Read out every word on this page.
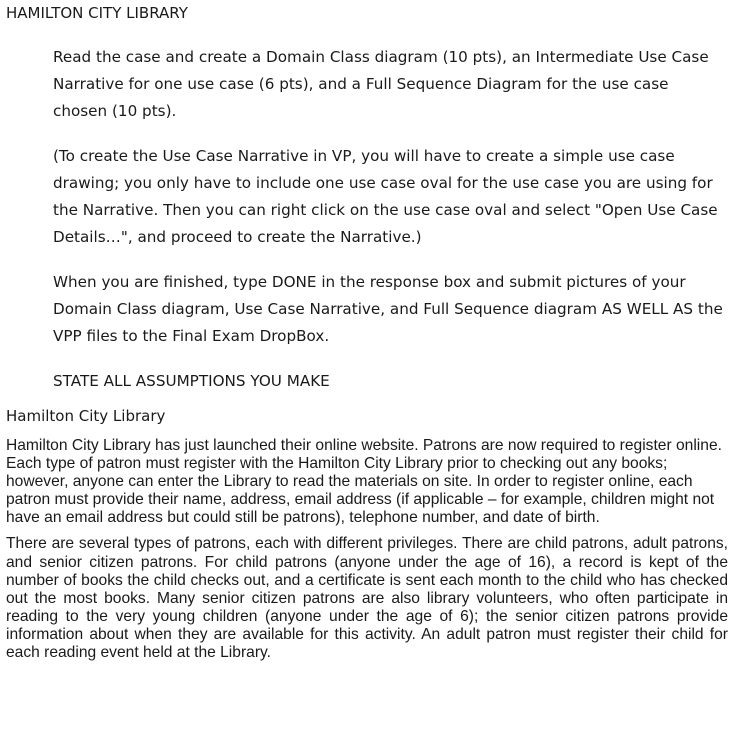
HAMILTON CITY LIBRARY

Read the case and create a Domain Class diagram (10 pts), an Intermediate Use Case Narrative for one use case (6 pts), and a Full Sequence Diagram for the use case chosen (10 pts).

(To create the Use Case Narrative in VP, you will have to create a simple use case drawing; you only have to include one use case oval for the use case you are using for the Narrative. Then you can right click on the use case oval and select "Open Use Case Details…", and proceed to create the Narrative.)

When you are finished, type DONE in the response box and submit pictures of your Domain Class diagram, Use Case Narrative, and Full Sequence diagram AS WELL AS the VPP files to the Final Exam DropBox.

STATE ALL ASSUMPTIONS YOU MAKE

Hamilton City Library

Hamilton City Library has just launched their online website. Patrons are now required to register online. Each type of patron must register with the Hamilton City Library prior to checking out any books; however, anyone can enter the Library to read the materials on site. In order to register online, each patron must provide their name, address, email address (if applicable – for example, children might not have an email address but could still be patrons), telephone number, and date of birth.

There are several types of patrons, each with different privileges. There are child patrons, adult patrons, and senior citizen patrons. For child patrons (anyone under the age of 16), a record is kept of the number of books the child checks out, and a certificate is sent each month to the child who has checked out the most books. Many senior citizen patrons are also library volunteers, who often participate in reading to the very young children (anyone under the age of 6); the senior citizen patrons provide information about when they are available for this activity. An adult patron must register their child for each reading event held at the Library.
